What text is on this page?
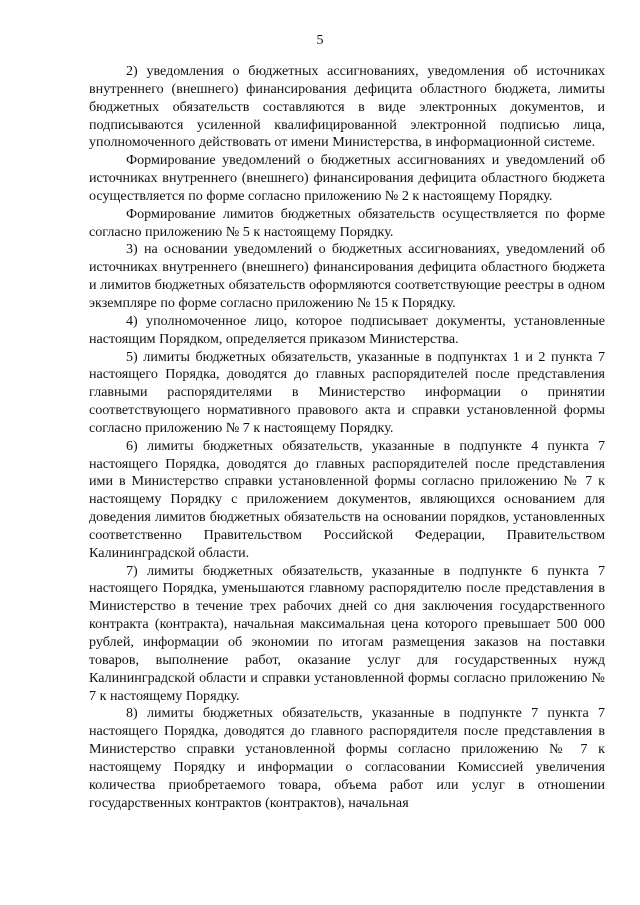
5

2) уведомления о бюджетных ассигнованиях, уведомления об источниках внутреннего (внешнего) финансирования дефицита областного бюджета, лимиты бюджетных обязательств составляются в виде электронных документов, и подписываются усиленной квалифицированной электронной подписью лица, уполномоченного действовать от имени Министерства, в информационной системе.

Формирование уведомлений о бюджетных ассигнованиях и уведомлений об источниках внутреннего (внешнего) финансирования дефицита областного бюджета осуществляется по форме согласно приложению № 2 к настоящему Порядку.

Формирование лимитов бюджетных обязательств осуществляется по форме согласно приложению № 5 к настоящему Порядку.

3) на основании уведомлений о бюджетных ассигнованиях, уведомлений об источниках внутреннего (внешнего) финансирования дефицита областного бюджета и лимитов бюджетных обязательств оформляются соответствующие реестры в одном экземпляре по форме согласно приложению № 15 к Порядку.

4) уполномоченное лицо, которое подписывает документы, установленные настоящим Порядком, определяется приказом Министерства.

5) лимиты бюджетных обязательств, указанные в подпунктах 1 и 2 пункта 7 настоящего Порядка, доводятся до главных распорядителей после представления главными распорядителями в Министерство информации о принятии соответствующего нормативного правового акта и справки установленной формы согласно приложению № 7 к настоящему Порядку.

6) лимиты бюджетных обязательств, указанные в подпункте 4 пункта 7 настоящего Порядка, доводятся до главных распорядителей после представления ими в Министерство справки установленной формы согласно приложению № 7 к настоящему Порядку с приложением документов, являющихся основанием для доведения лимитов бюджетных обязательств на основании порядков, установленных соответственно Правительством Российской Федерации, Правительством Калининградской области.

7) лимиты бюджетных обязательств, указанные в подпункте 6 пункта 7 настоящего Порядка, уменьшаются главному распорядителю после представления в Министерство в течение трех рабочих дней со дня заключения государственного контракта (контракта), начальная максимальная цена которого превышает 500 000 рублей, информации об экономии по итогам размещения заказов на поставки товаров, выполнение работ, оказание услуг для государственных нужд Калининградской области и справки установленной формы согласно приложению № 7 к настоящему Порядку.

8) лимиты бюджетных обязательств, указанные в подпункте 7 пункта 7 настоящего Порядка, доводятся до главного распорядителя после представления в Министерство справки установленной формы согласно приложению № 7 к настоящему Порядку и информации о согласовании Комиссией увеличения количества приобретаемого товара, объема работ или услуг в отношении государственных контрактов (контрактов), начальная
